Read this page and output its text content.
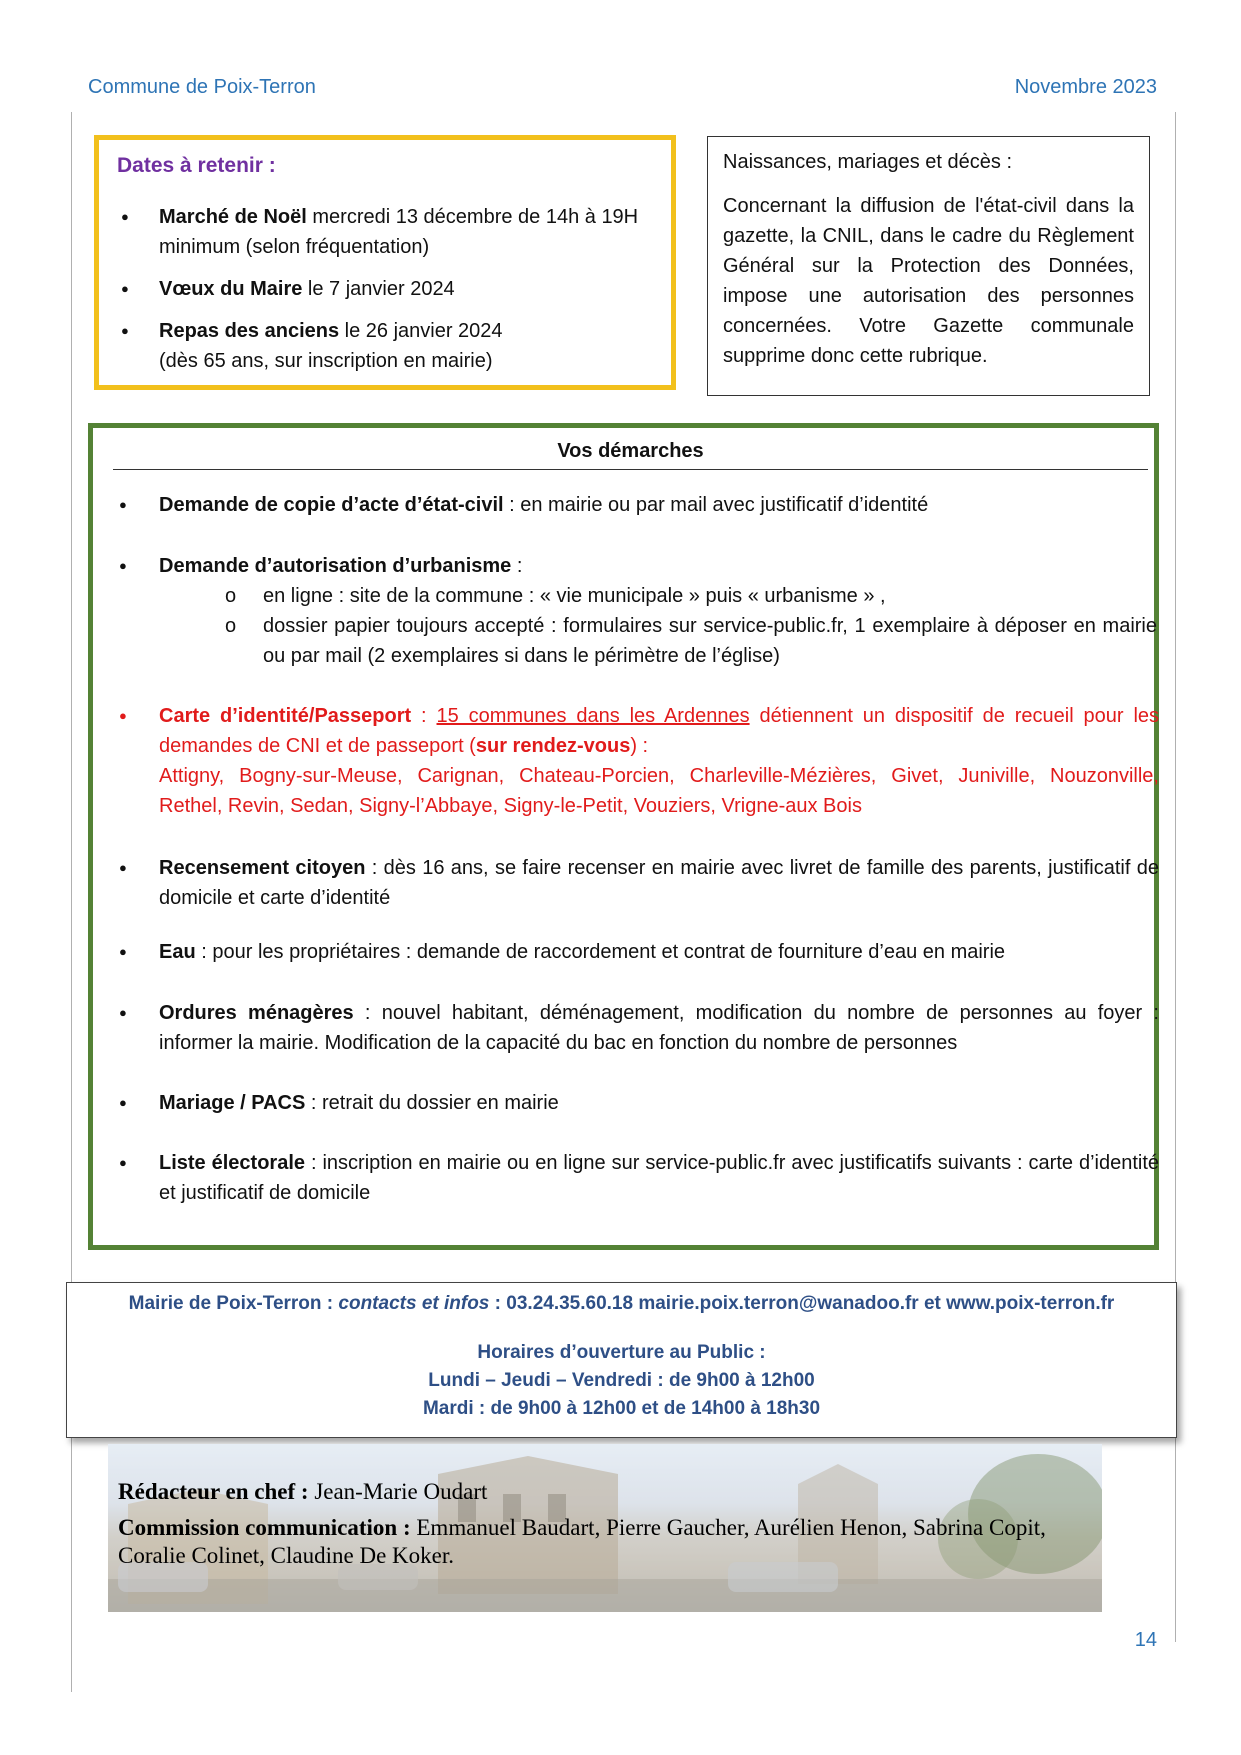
Commune de Poix-Terron	Novembre 2023
Dates à retenir :
● Marché de Noël mercredi 13 décembre de 14h à 19H minimum (selon fréquentation)
● Vœux du Maire le 7 janvier 2024
● Repas des anciens le 26 janvier 2024
(dès 65 ans, sur inscription en mairie)

Naissances, mariages et décès :

Concernant la diffusion de l'état-civil dans la gazette, la CNIL, dans le cadre du Règlement Général sur la Protection des Données, impose une autorisation des personnes concernées. Votre Gazette communale supprime donc cette rubrique.

Vos démarches
● Demande de copie d’acte d’état-civil : en mairie ou par mail avec justificatif d’identité
● Demande d’autorisation d’urbanisme :
o en ligne : site de la commune : « vie municipale » puis « urbanisme » ,
o dossier papier toujours accepté : formulaires sur service-public.fr, 1 exemplaire à déposer en mairie ou par mail (2 exemplaires si dans le périmètre de l’église)
● Carte d’identité/Passeport : 15 communes dans les Ardennes détiennent un dispositif de recueil pour les demandes de CNI et de passeport (sur rendez-vous) :
Attigny, Bogny-sur-Meuse, Carignan, Chateau-Porcien, Charleville-Mézières, Givet, Juniville, Nouzonville, Rethel, Revin, Sedan, Signy-l’Abbaye, Signy-le-Petit, Vouziers, Vrigne-aux Bois
● Recensement citoyen : dès 16 ans, se faire recenser en mairie avec livret de famille des parents, justificatif de domicile et carte d’identité
● Eau : pour les propriétaires : demande de raccordement et contrat de fourniture d’eau en mairie
● Ordures ménagères : nouvel habitant, déménagement, modification du nombre de personnes au foyer : informer la mairie. Modification de la capacité du bac en fonction du nombre de personnes
● Mariage / PACS : retrait du dossier en mairie
● Liste électorale : inscription en mairie ou en ligne sur service-public.fr avec justificatifs suivants : carte d’identité et justificatif de domicile
Mairie de Poix-Terron : contacts et infos : 03.24.35.60.18 mairie.poix.terron@wanadoo.fr et www.poix-terron.fr
Horaires d’ouverture au Public :
Lundi – Jeudi – Vendredi : de 9h00 à 12h00
Mardi : de 9h00 à 12h00 et de 14h00 à 18h30

Rédacteur en chef : Jean-Marie Oudart

Commission communication : Emmanuel Baudart, Pierre Gaucher, Aurélien Henon, Sabrina Copit, Coralie Colinet, Claudine De Koker.

14
